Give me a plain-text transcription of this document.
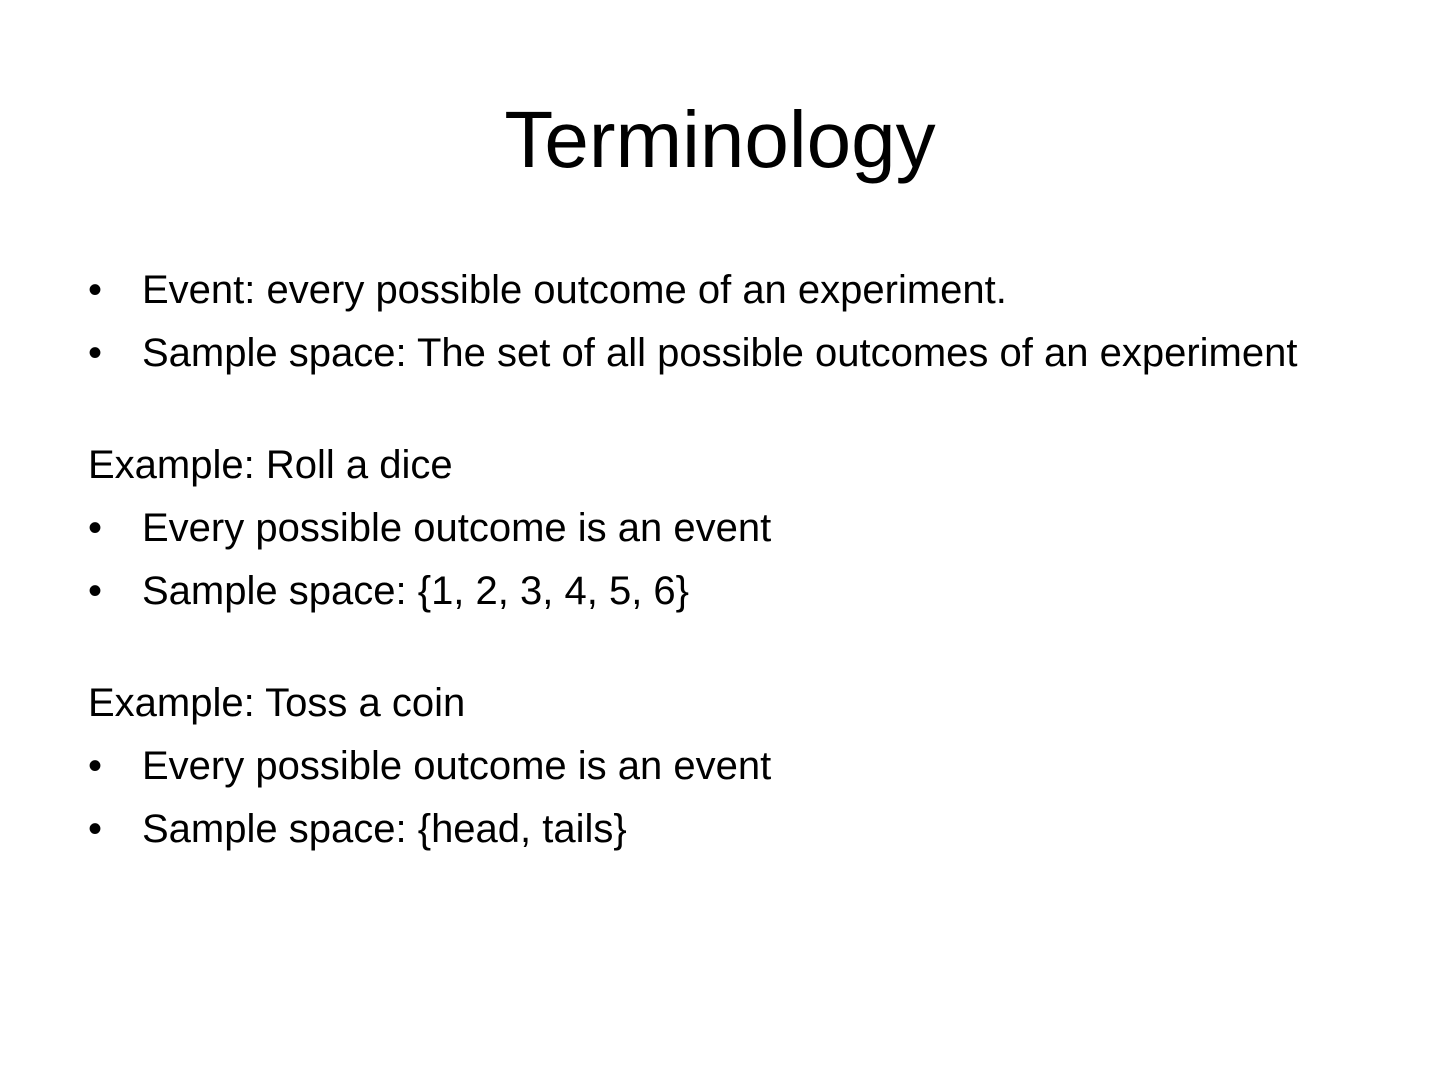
Terminology
• Event: every possible outcome of an experiment.
• Sample space: The set of all possible outcomes of an experiment
Example: Roll a dice
• Every possible outcome is an event
• Sample space: {1, 2, 3, 4, 5, 6}
Example: Toss a coin
• Every possible outcome is an event
• Sample space: {head, tails}
